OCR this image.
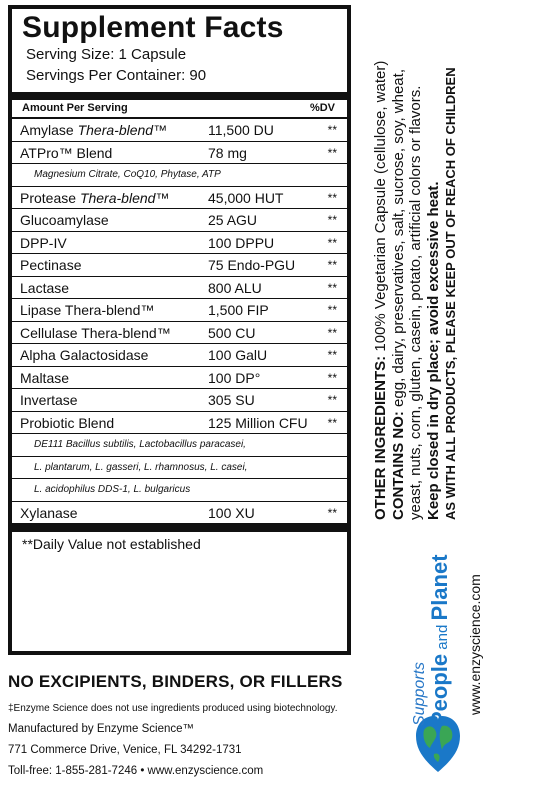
Supplement Facts
Serving Size: 1 Capsule
Servings Per Container: 90
Amount Per Serving	%DV
Amylase Thera-blend™	11,500 DU	**
ATPro™ Blend	78 mg	**
Magnesium Citrate, CoQ10, Phytase, ATP
Protease Thera-blend™	45,000 HUT	**
Glucoamylase	25 AGU	**
DPP-IV	100 DPPU	**
Pectinase	75 Endo-PGU	**
Lactase	800 ALU	**
Lipase Thera-blend™	1,500 FIP	**
Cellulase Thera-blend™	500 CU	**
Alpha Galactosidase	100 GalU	**
Maltase	100 DP°	**
Invertase	305 SU	**
Probiotic Blend	125 Million CFU **
DE111 Bacillus subtilis, Lactobacillus paracasei,
L. plantarum, L. gasseri, L. rhamnosus, L. casei,
L. acidophilus DDS-1, L. bulgaricus
Xylanase	100 XU	**
**Daily Value not established
NO EXCIPIENTS, BINDERS, OR FILLERS
‡Enzyme Science does not use ingredients produced using biotechnology.
Manufactured by Enzyme Science™
771 Commerce Drive, Venice, FL 34292-1731
Toll-free: 1-855-281-7246 • www.enzyscience.com
OTHER INGREDIENTS: 100% Vegetarian Capsule (cellulose, water)
CONTAINS NO: egg, dairy, preservatives, salt, sucrose, soy, wheat, yeast, nuts, corn, gluten, casein, potato, artificial colors or flavors. Keep closed in dry place; avoid excessive heat. AS WITH ALL PRODUCTS, PLEASE KEEP OUT OF REACH OF CHILDREN
Supports People and Planet www.enzyscience.com
